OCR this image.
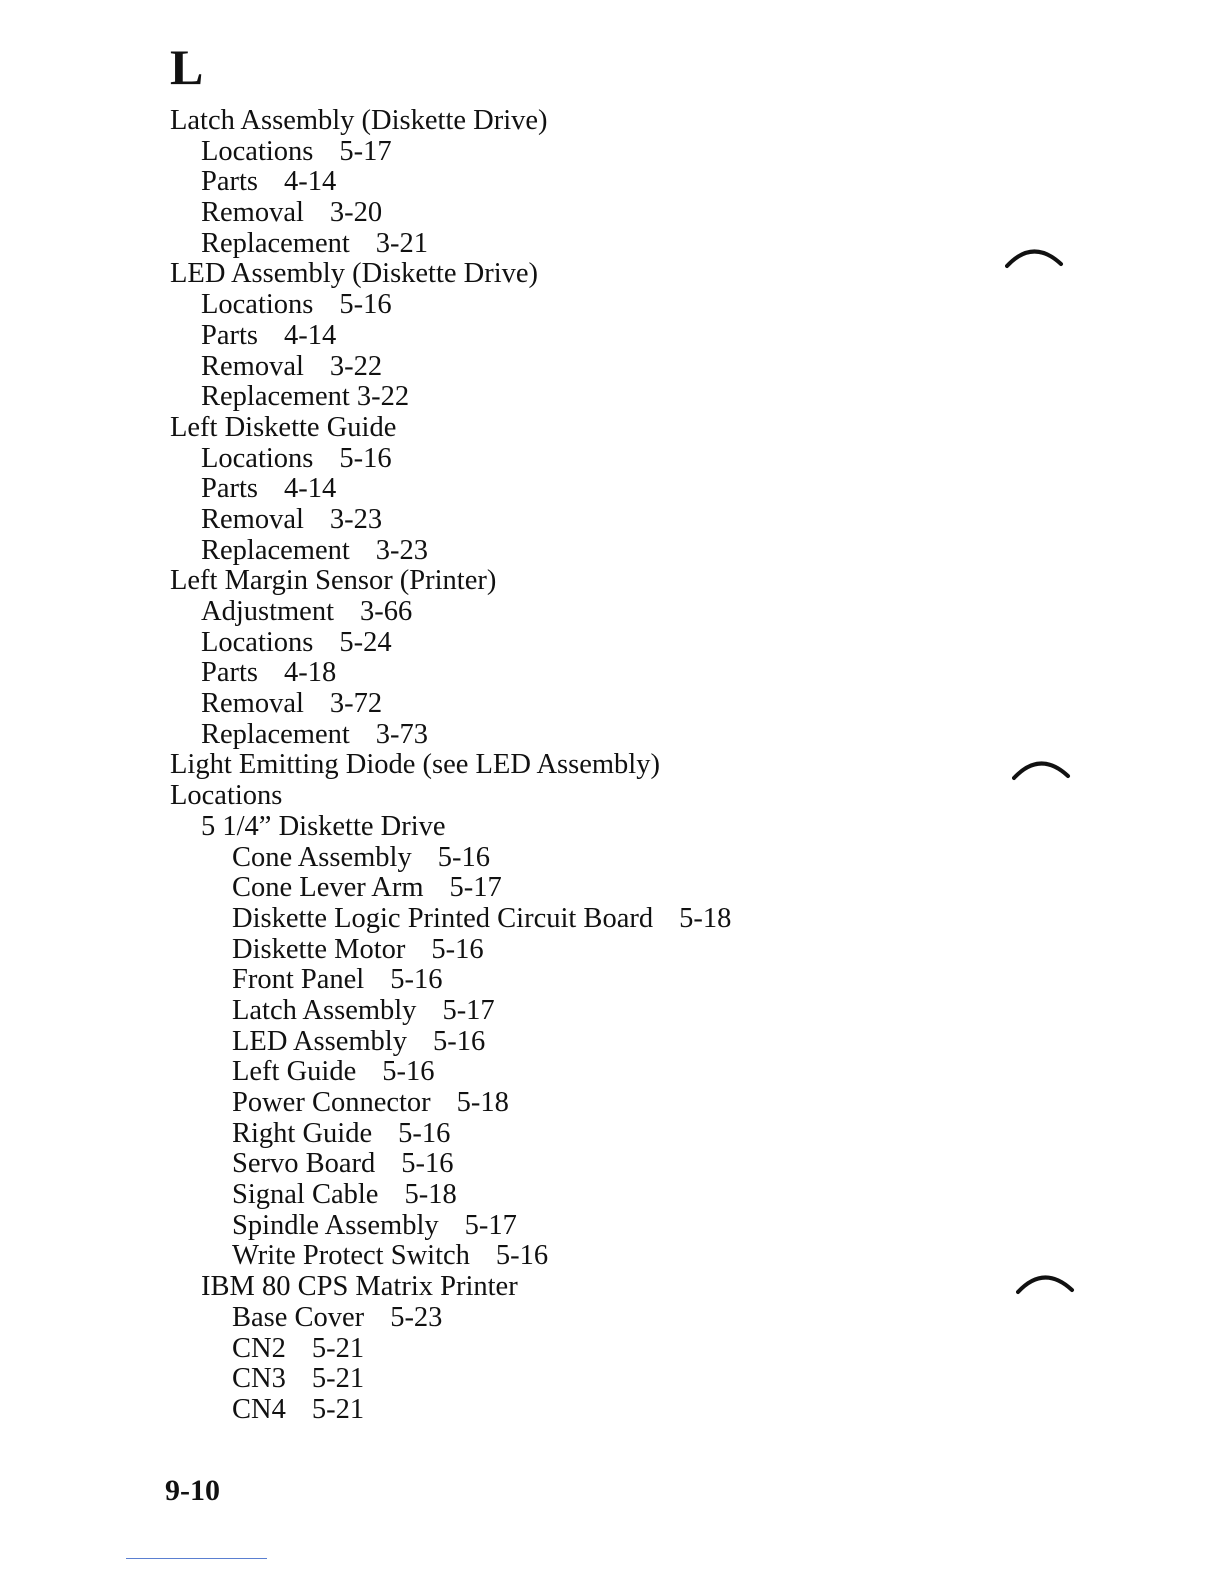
L
Latch Assembly (Diskette Drive)
Locations 5-17
Parts 4-14
Removal 3-20
Replacement 3-21
LED Assembly (Diskette Drive)
Locations 5-16
Parts 4-14
Removal 3-22
Replacement 3-22
Left Diskette Guide
Locations 5-16
Parts 4-14
Removal 3-23
Replacement 3-23
Left Margin Sensor (Printer)
Adjustment 3-66
Locations 5-24
Parts 4-18
Removal 3-72
Replacement 3-73
Light Emitting Diode (see LED Assembly)
Locations
5 1/4” Diskette Drive
Cone Assembly 5-16
Cone Lever Arm 5-17
Diskette Logic Printed Circuit Board 5-18
Diskette Motor 5-16
Front Panel 5-16
Latch Assembly 5-17
LED Assembly 5-16
Left Guide 5-16
Power Connector 5-18
Right Guide 5-16
Servo Board 5-16
Signal Cable 5-18
Spindle Assembly 5-17
Write Protect Switch 5-16
IBM 80 CPS Matrix Printer
Base Cover 5-23
CN2 5-21
CN3 5-21
CN4 5-21
9-10
